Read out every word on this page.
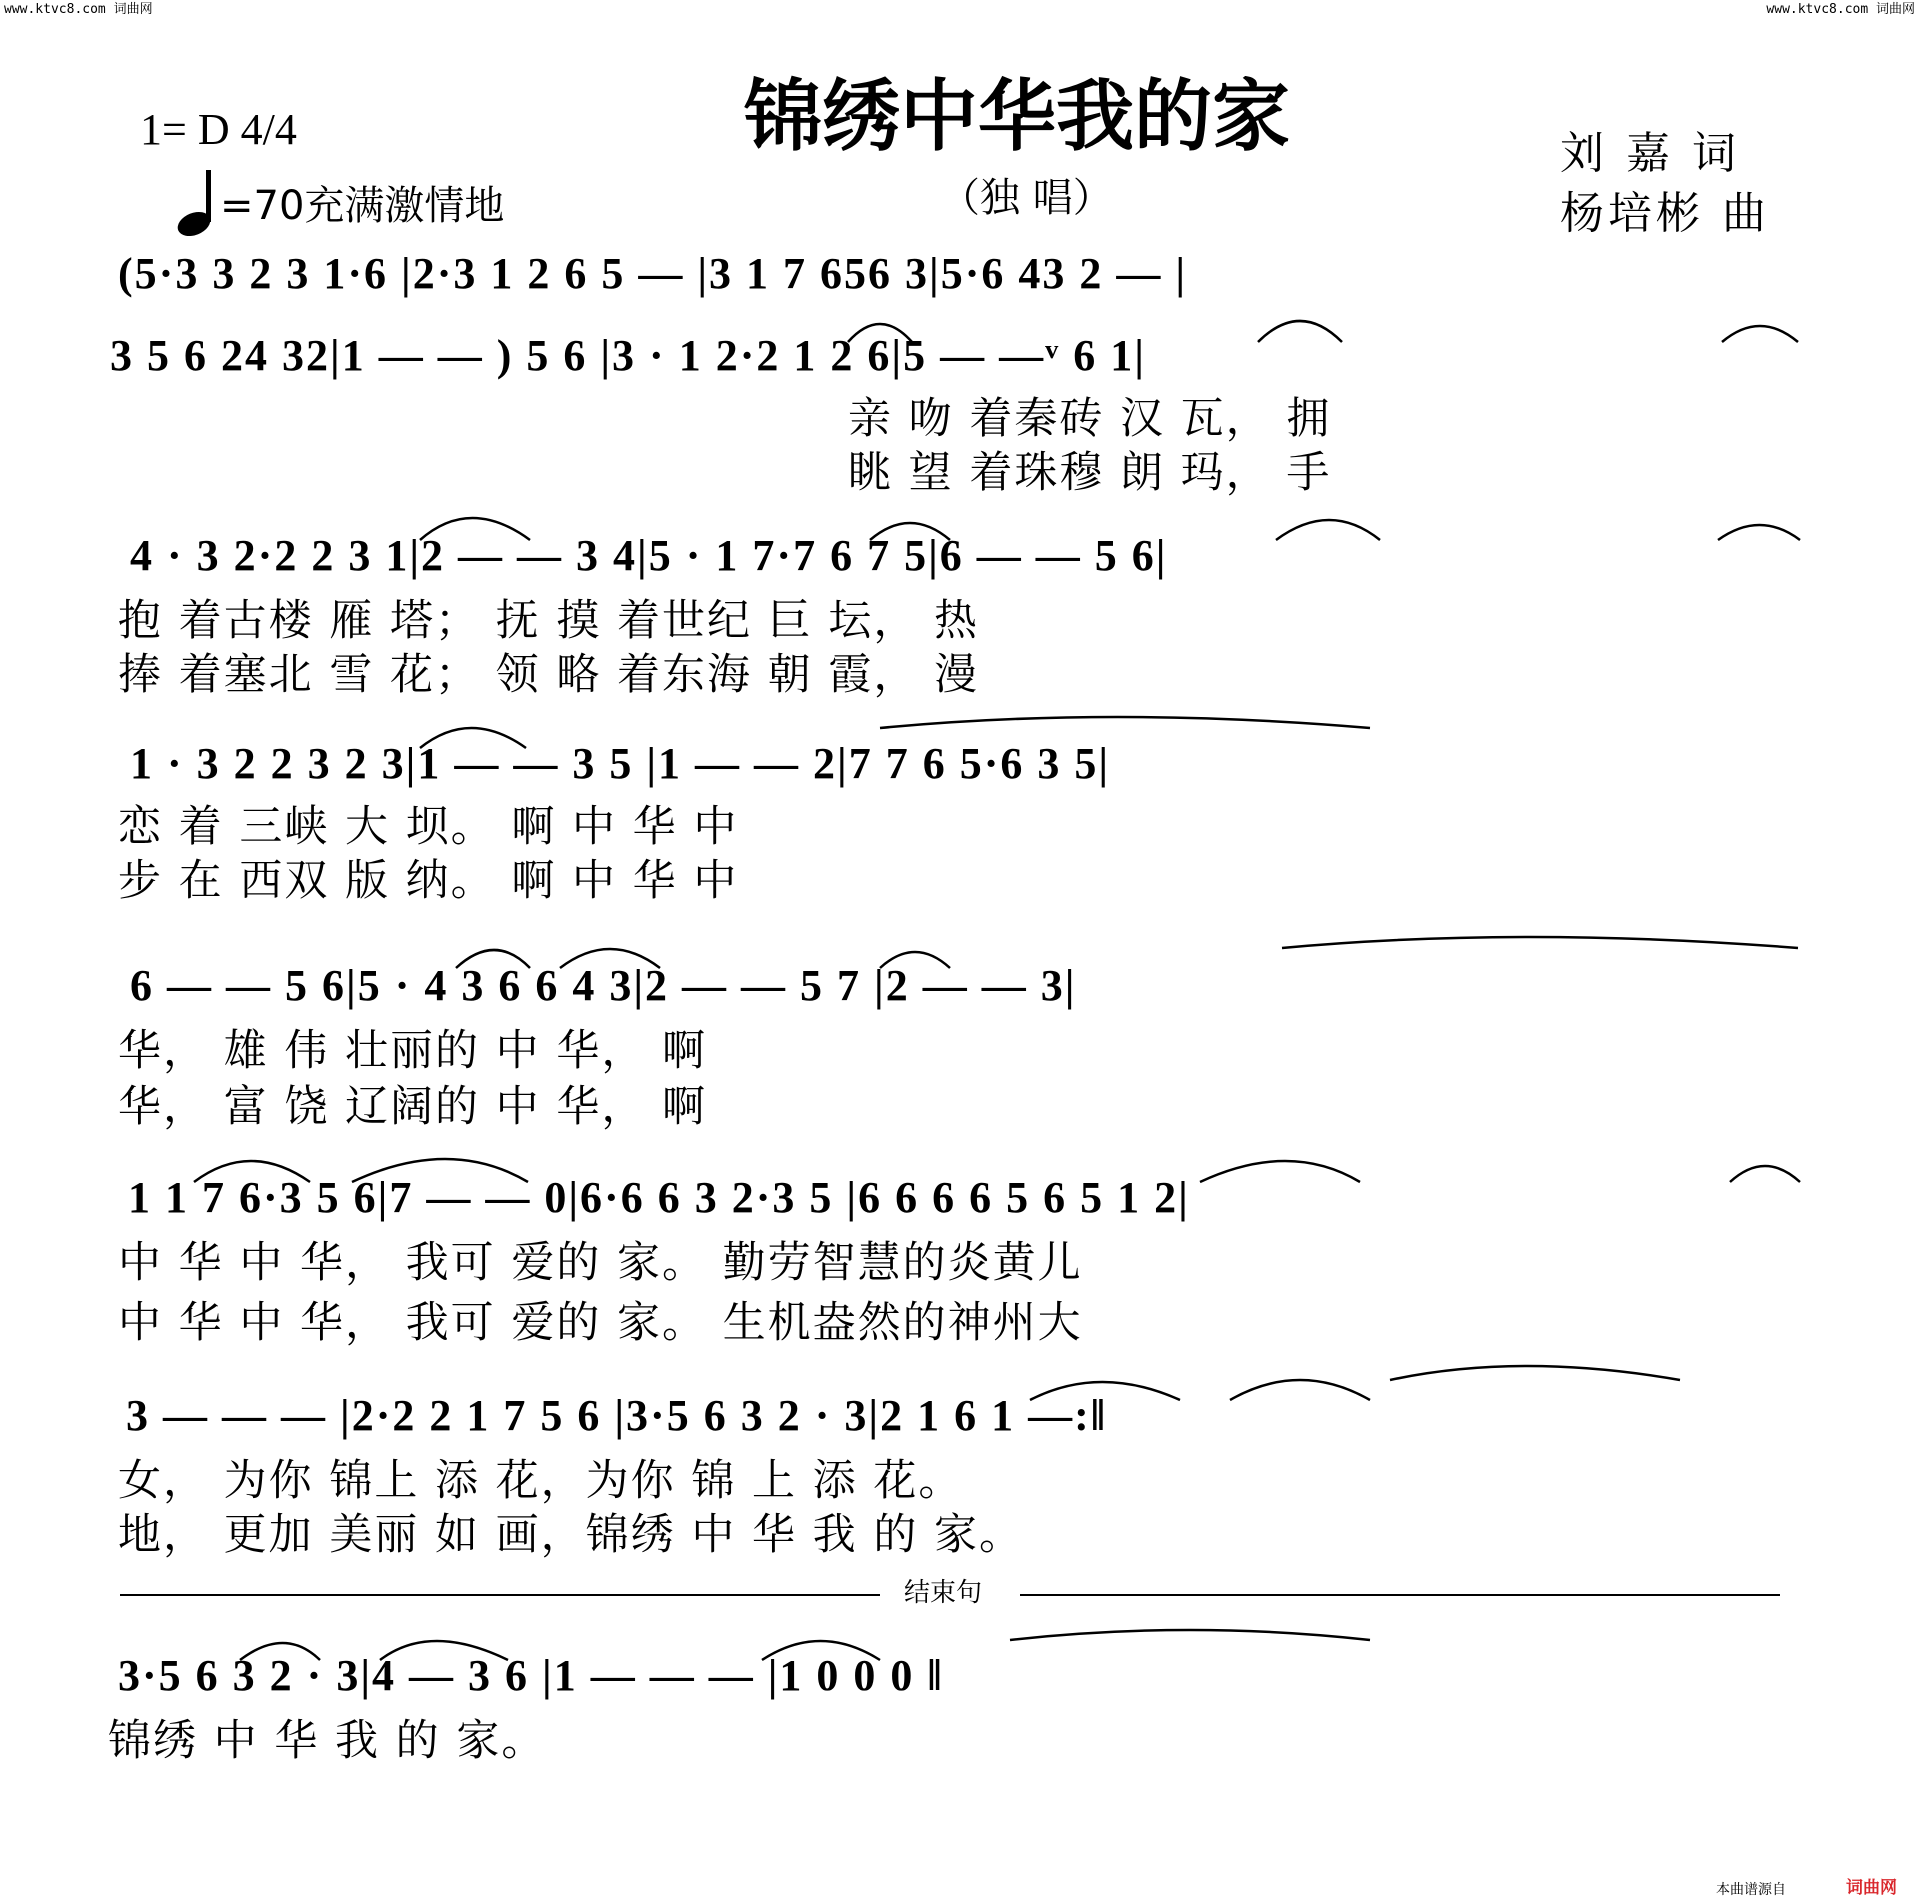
www.ktvc8.com 词曲网	www.ktvc8.com 词曲网
1= D 4/4
=70充满激情地
锦绣中华我的家
（独 唱）
刘 嘉 词
杨培彬 曲
(5·3 3 2 3 1·6 |2·3 1 2 6 5 — |3 1 7 656 3|5·6 43 2 — |
3 5 6 24 32|1 — — ) 5 6 |3 · 1 2·2 1 2 6|5 — —ᵛ 6 1|
亲 吻 着秦砖 汉 瓦， 拥
眺 望 着珠穆 朗 玛， 手
4 · 3 2·2 2 3 1|2 — — 3 4|5 · 1 7·7 6 7 5|6 — — 5 6|
抱 着古楼 雁 塔； 抚 摸 着世纪 巨 坛， 热
捧 着塞北 雪 花； 领 略 着东海 朝 霞， 漫
1 · 3 2 2 3 2 3|1 — — 3 5 |1 — — 2|7 7 6 5·6 3 5|
恋 着 三峡 大 坝。 啊 中 华 中
步 在 西双 版 纳。 啊 中 华 中
6 — — 5 6|5 · 4 3 6 6 4 3|2 — — 5 7 |2 — — 3|
华， 雄 伟 壮丽的 中 华， 啊
华， 富 饶 辽阔的 中 华， 啊
1 1 7 6·3 5 6|7 — — 0|6·6 6 3 2·3 5 |6 6 6 6 5 6 5 1 2|
中 华 中 华， 我可 爱的 家。 勤劳智慧的炎黄儿
中 华 中 华， 我可 爱的 家。 生机盎然的神州大
3 — — — |2·2 2 1 7 5 6 |3·5 6 3 2 · 3|2 1 6 1 —:‖
女， 为你 锦上 添 花，为你 锦 上 添 花。
地， 更加 美丽 如 画，锦绣 中 华 我 的 家。
结束句
3·5 6 3 2 · 3|4 — 3 6 |1 — — — |1 0 0 0 ‖
锦绣 中 华 我 的 家。
本曲谱源自	词曲网
